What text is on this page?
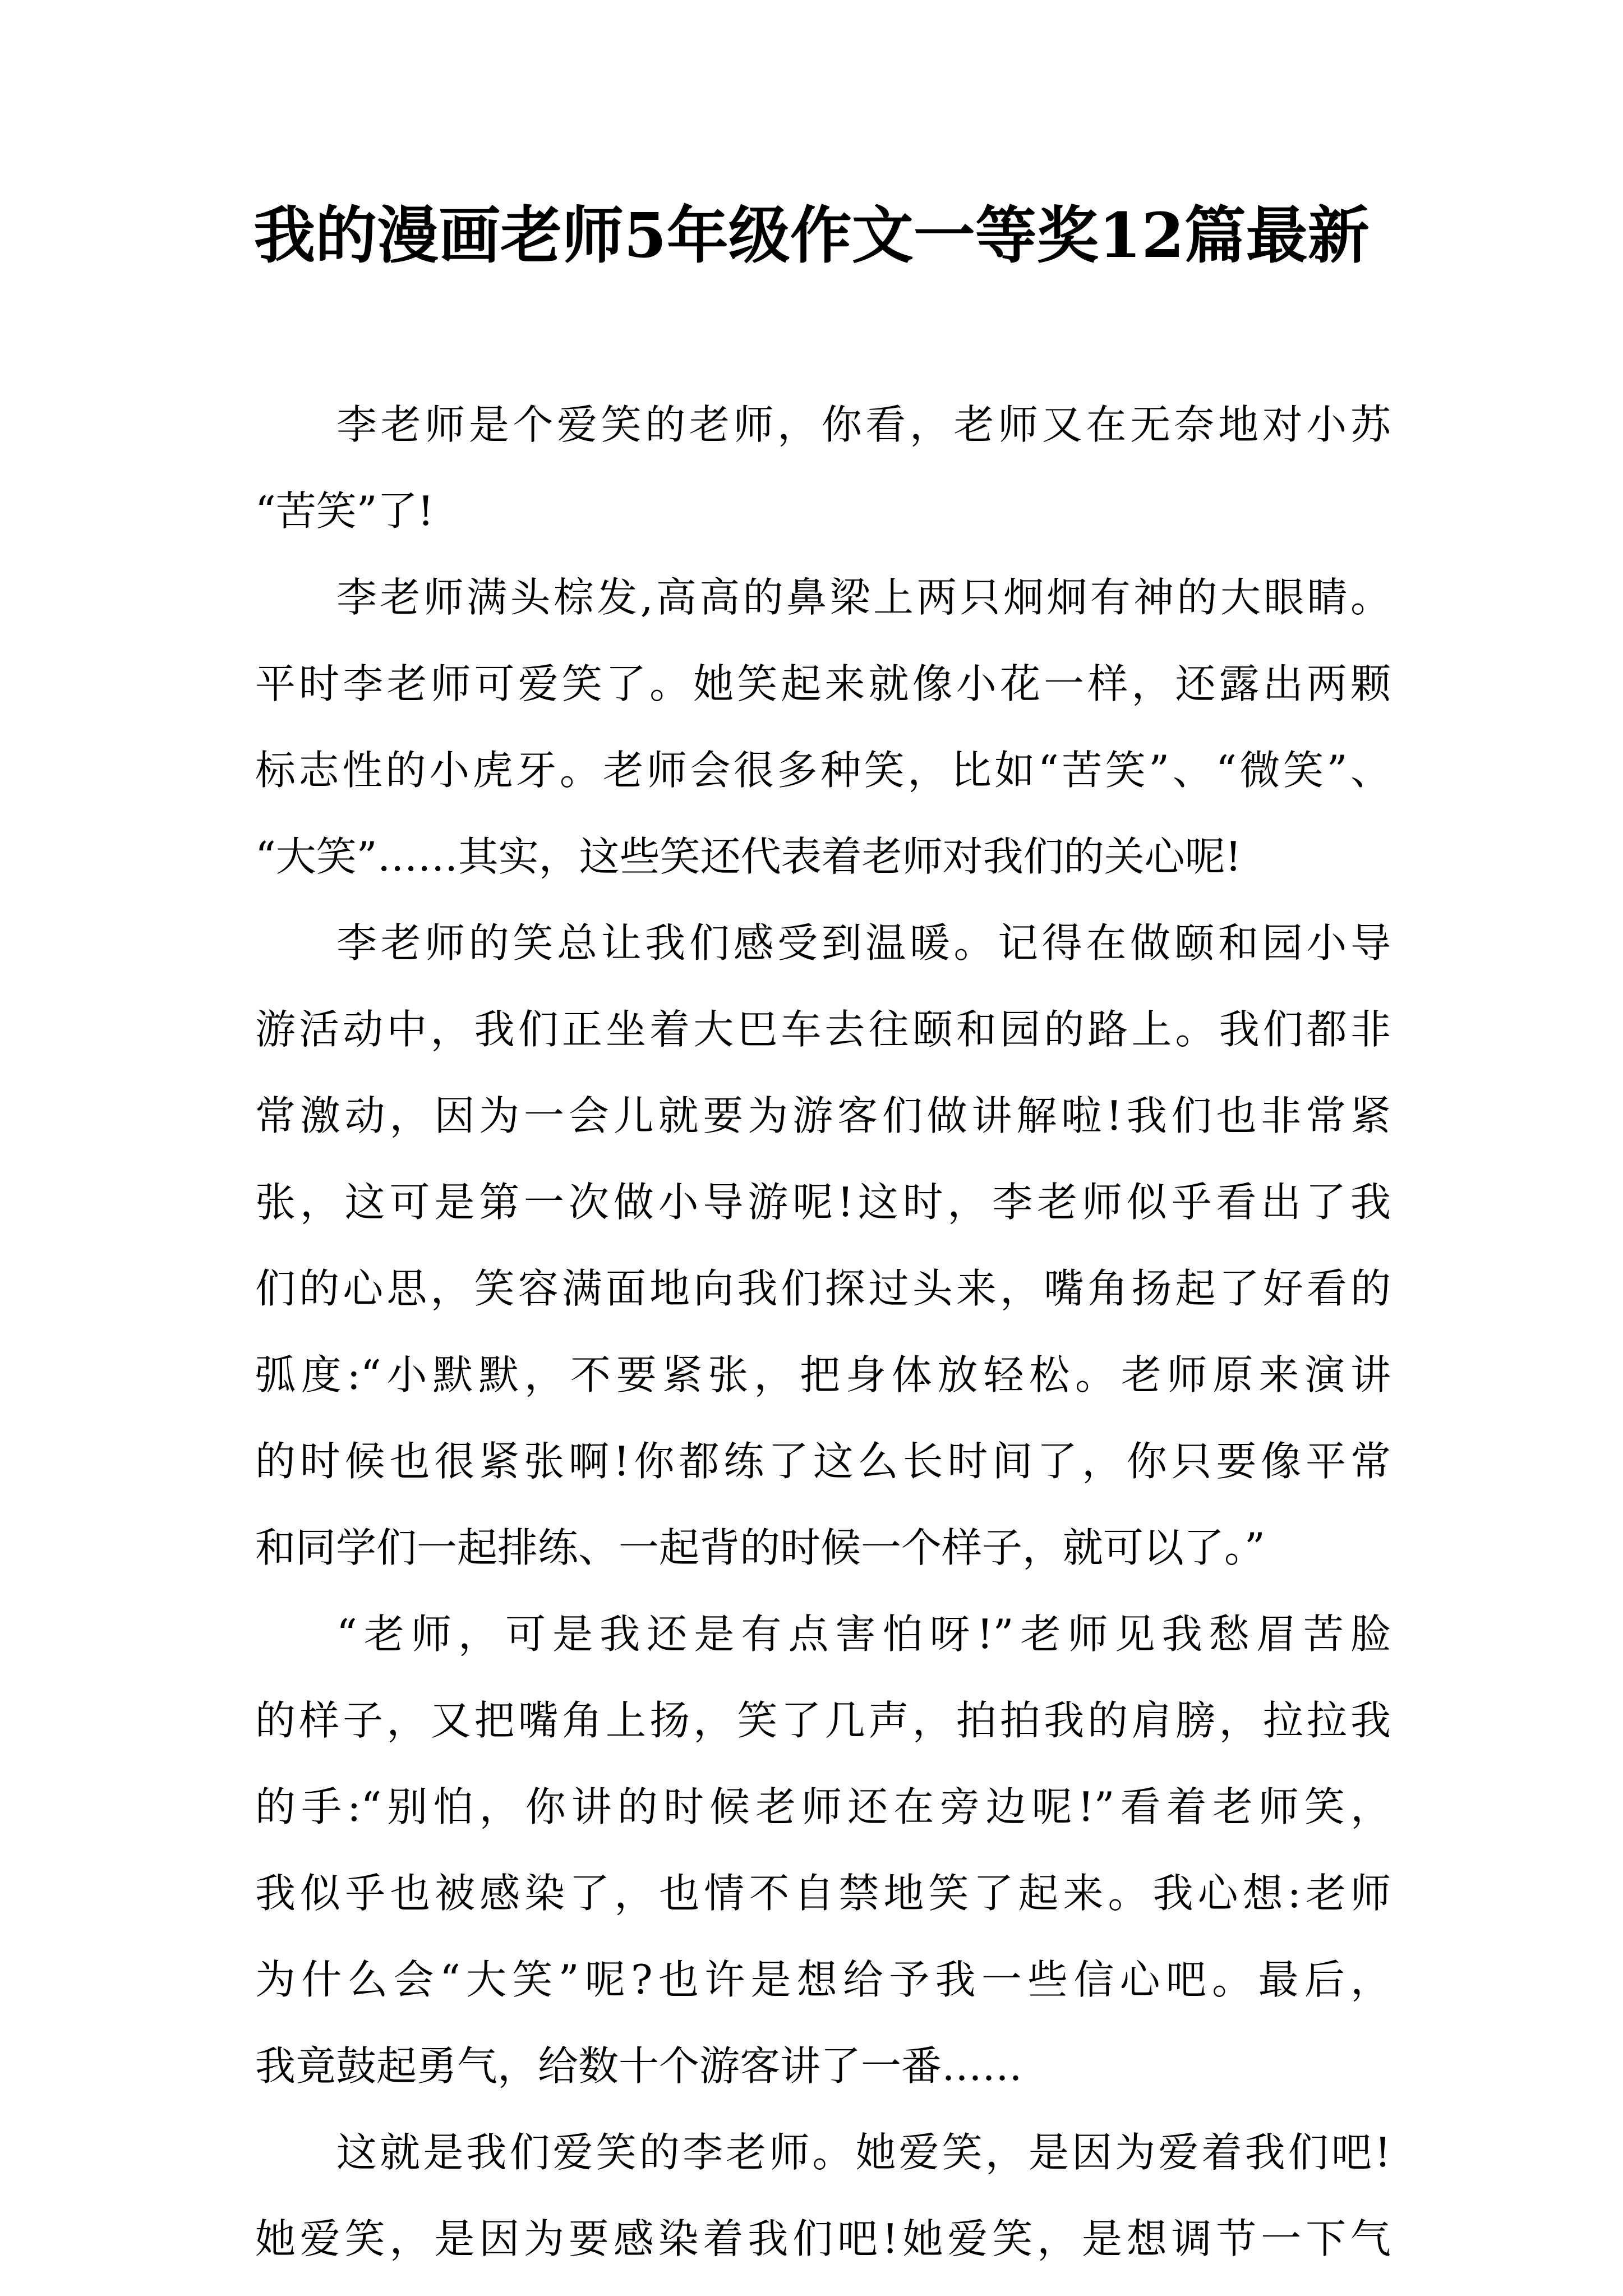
我的漫画老师5年级作文一等奖12篇最新
李老师是个爱笑的老师，你看，老师又在无奈地对小苏
“苦笑”了!
李老师满头棕发,高高的鼻梁上两只炯炯有神的大眼睛。
平时李老师可爱笑了。她笑起来就像小花一样，还露出两颗
标志性的小虎牙。老师会很多种笑，比如“苦笑”、“微笑”、
“大笑”……其实，这些笑还代表着老师对我们的关心呢!
李老师的笑总让我们感受到温暖。记得在做颐和园小导
游活动中，我们正坐着大巴车去往颐和园的路上。我们都非
常激动，因为一会儿就要为游客们做讲解啦!我们也非常紧
张，这可是第一次做小导游呢!这时，李老师似乎看出了我
们的心思，笑容满面地向我们探过头来，嘴角扬起了好看的
弧度:“小默默，不要紧张，把身体放轻松。老师原来演讲
的时候也很紧张啊!你都练了这么长时间了，你只要像平常
和同学们一起排练、一起背的时候一个样子，就可以了。”
“老师，可是我还是有点害怕呀!”老师见我愁眉苦脸
的样子，又把嘴角上扬，笑了几声，拍拍我的肩膀，拉拉我
的手:“别怕，你讲的时候老师还在旁边呢!”看着老师笑，
我似乎也被感染了，也情不自禁地笑了起来。我心想:老师
为什么会“大笑”呢?也许是想给予我一些信心吧。最后，
我竟鼓起勇气，给数十个游客讲了一番……
这就是我们爱笑的李老师。她爱笑，是因为爱着我们吧!
她爱笑，是因为要感染着我们吧!她爱笑，是想调节一下气
